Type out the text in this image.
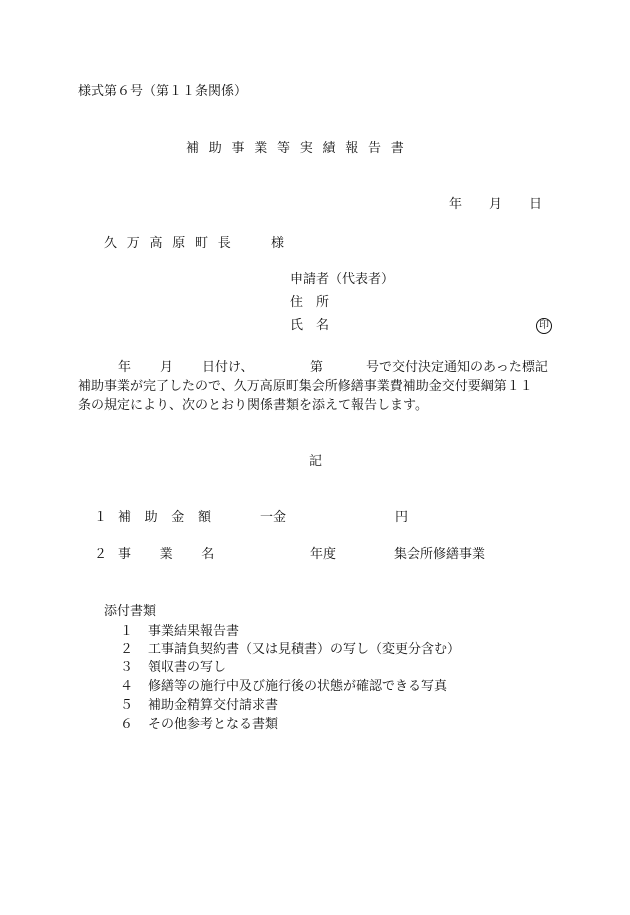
様式第６号（第１１条関係）
補助事業等実績報告書
年 月 日
久万高原町長 様
申請者（代表者）
住　所
氏　名	印
年 月 日付け、	第	号で交付決定通知のあった標記
補助事業が完了したので、久万高原町集会所修繕事業費補助金交付要綱第１１
条の規定により、次のとおり関係書類を添えて報告します。
記
１ 補助金額	一金	円
２ 事業名	年度	集会所修繕事業
添付書類
１	事業結果報告書
２	工事請負契約書（又は見積書）の写し（変更分含む）
３	領収書の写し
４	修繕等の施行中及び施行後の状態が確認できる写真
５	補助金精算交付請求書
６	その他参考となる書類
